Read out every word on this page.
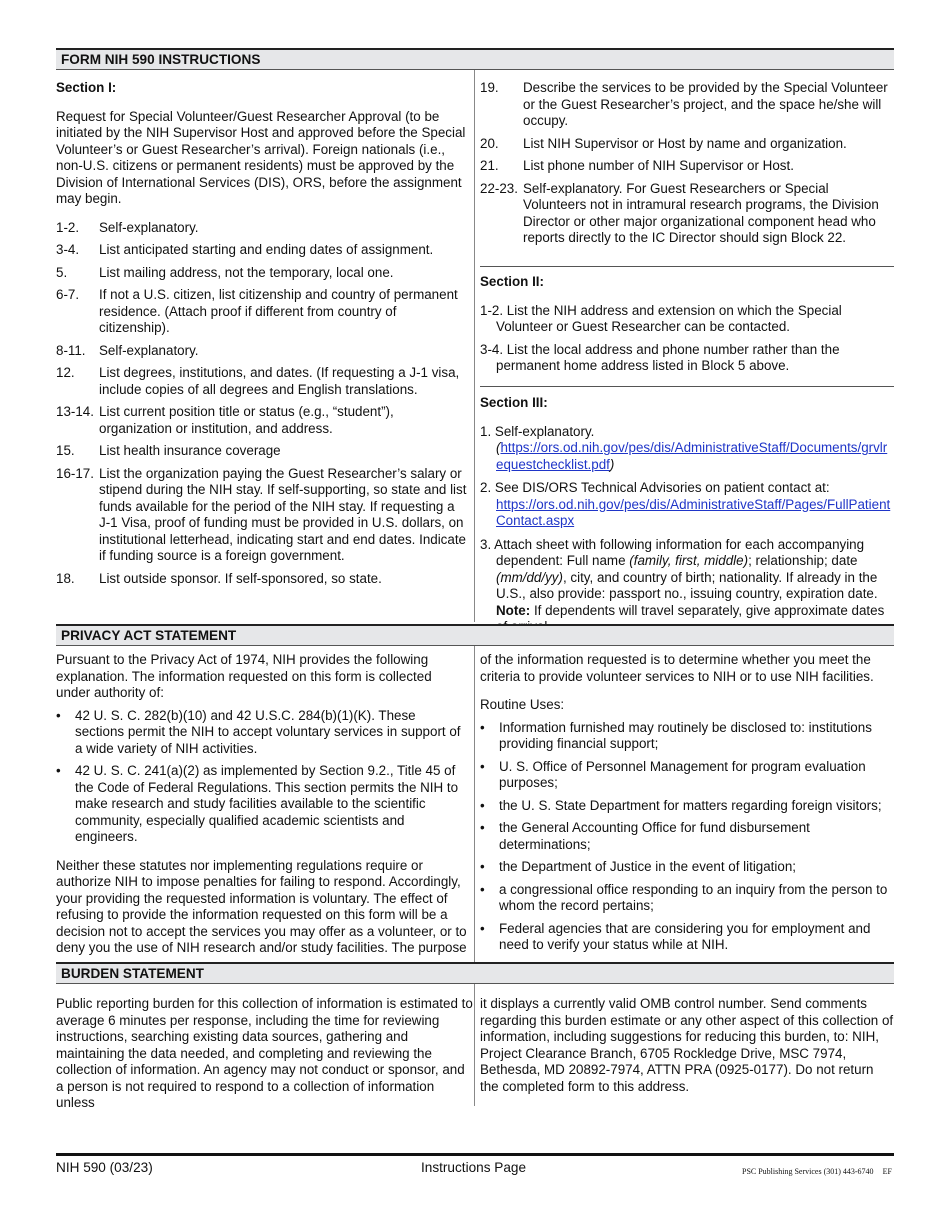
FORM NIH 590 INSTRUCTIONS

Section I:

Request for Special Volunteer/Guest Researcher Approval (to be initiated by the NIH Supervisor Host and approved before the Special Volunteer’s or Guest Researcher’s arrival). Foreign nationals (i.e., non-U.S. citizens or permanent residents) must be approved by the Division of International Services (DIS), ORS, before the assignment may begin.

1-2.	Self-explanatory.
3-4.	List anticipated starting and ending dates of assignment.
5.	List mailing address, not the temporary, local one.
6-7.	If not a U.S. citizen, list citizenship and country of permanent residence. (Attach proof if different from country of citizenship).
8-11.	Self-explanatory.
12.	List degrees, institutions, and dates. (If requesting a J-1 visa, include copies of all degrees and English translations.
13-14. List current position title or status (e.g., “student”), organization or institution, and address.
15.	List health insurance coverage
16-17. List the organization paying the Guest Researcher’s salary or stipend during the NIH stay. If self-supporting, so state and list funds available for the period of the NIH stay. If requesting a J-1 Visa, proof of funding must be provided in U.S. dollars, on institutional letterhead, indicating start and end dates. Indicate if funding source is a foreign government.
18.	List outside sponsor. If self-sponsored, so state.
19.	Describe the services to be provided by the Special Volunteer or the Guest Researcher’s project, and the space he/she will occupy.
20.	List NIH Supervisor or Host by name and organization.
21.	List phone number of NIH Supervisor or Host.
22-23. Self-explanatory. For Guest Researchers or Special Volunteers not in intramural research programs, the Division Director or other major organizational component head who reports directly to the IC Director should sign Block 22.

Section II:

1-2. List the NIH address and extension on which the Special Volunteer or Guest Researcher can be contacted.

3-4. List the local address and phone number rather than the permanent home address listed in Block 5 above.

Section III:

1. Self-explanatory.
(https://ors.od.nih.gov/pes/dis/AdministrativeStaff/Documents/grvlrequestchecklist.pdf)

2. See DIS/ORS Technical Advisories on patient contact at:
https://ors.od.nih.gov/pes/dis/AdministrativeStaff/Pages/FullPatientContact.aspx

3. Attach sheet with following information for each accompanying dependent: Full name (family, first, middle); relationship; date (mm/dd/yy), city, and country of birth; nationality. If already in the U.S., also provide: passport no., issuing country, expiration date. Note: If dependents will travel separately, give approximate dates

PRIVACY ACT STATEMENT

Pursuant to the Privacy Act of 1974, NIH provides the following explanation. The information requested on this form is collected under authority of:

•	42 U. S. C. 282(b)(10) and 42 U.S.C. 284(b)(1)(K). These sections permit the NIH to accept voluntary services in support of a wide variety of NIH activities.
•	42 U. S. C. 241(a)(2) as implemented by Section 9.2., Title 45 of the Code of Federal Regulations. This section permits the NIH to make research and study facilities available to the scientific community, especially qualified academic scientists and engineers.

Neither these statutes nor implementing regulations require or authorize NIH to impose penalties for failing to respond. Accordingly, your providing the requested information is voluntary. The effect of refusing to provide the information requested on this form will be a decision not to accept the services you may offer as a volunteer, or to deny you the use of NIH research and/or study facilities. The purpose

of the information requested is to determine whether you meet the criteria to provide volunteer services to NIH or to use NIH facilities.

Routine Uses:

•	Information furnished may routinely be disclosed to: institutions providing financial support;
•	U. S. Office of Personnel Management for program evaluation purposes;
•	the U. S. State Department for matters regarding foreign visitors;
•	the General Accounting Office for fund disbursement determinations;
•	the Department of Justice in the event of litigation;
•	a congressional office responding to an inquiry from the person to whom the record pertains;
•	Federal agencies that are considering you for employment and need to verify your status while at NIH.
BURDEN STATEMENT

Public reporting burden for this collection of information is estimated to average 6 minutes per response, including the time for reviewing instructions, searching existing data sources, gathering and maintaining the data needed, and completing and reviewing the collection of information. An agency may not conduct or sponsor, and a person is not required to respond to a collection of information unless

it displays a currently valid OMB control number. Send comments regarding this burden estimate or any other aspect of this collection of information, including suggestions for reducing this burden, to: NIH, Project Clearance Branch, 6705 Rockledge Drive, MSC 7974, Bethesda, MD 20892-7974, ATTN PRA (0925-0177). Do not return the completed form to this address.

NIH 590 (03/23)	Instructions Page	PSC Publishing Services (301) 443-6740 EF
